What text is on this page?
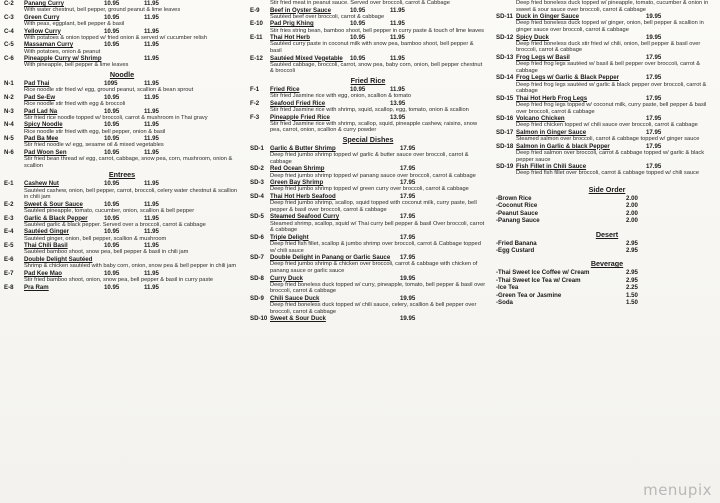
C-2	Panang Curry	10.95	11.95
With water chestnut, bell pepper, ground peanut & lime leaves
C-3	Green Curry	10.95	11.95
With peas, eggplant, bell pepper & basil
C-4	Yellow Curry	10.95	11.95
With potatoes & onion topped w/ fried onion & served w/ cucumber relish
C-5	Massaman Curry	10.95	11.95
With potatoes, onion & peanut
C-6	Pineapple Curry w/ Shrimp	11.95
With pineapple, bell pepper & lime leaves
Noodle
N-1	Pad Thai	1095	11.95
Rice noodle stir fried w/ egg, ground peanut, scallion & bean sprout
N-2	Pad Se-Ew	10.95	11.95
Rice noodle stir fried with egg & broccoli
N-3	Pad Lad Na	10.95	11.95
Stir fried rice noodle topped w/ broccoli, carrot & mushroom in Thai gravy
N-4	Spicy Noodle	10.95	11.95
Rice noodle stir fried with egg, bell pepper, onion & basil
N-5	Pad Ba Mee	10.95	11.95
Stir fried noodle w/ egg, sesame oil & mixed vegetables
N-6	Pad Woon Sen	10.95	11.95
Stir fried bean thread w/ egg, carrot, cabbage, snow pea, corn, mushroom, onion & scallion
Entrees
E-1	Cashew Nut	10.95	11.95
Sautéed cashew, onion, bell pepper, carrot, broccoli, celery water chestnut & scallion in chili jam
E-2	Sweet & Sour Sauce	10.95	11.95
Sautéed pineapple, tomato, cucumber, onion, scallion & bell pepper
E-3	Garlic & Black Pepper	10.95	11.95
Sautéed garlic & black pepper. Served over a broccoli, carrot & cabbage
E-4	Sautéed Ginger	10.95	11.95
Sautéed ginger, onion, bell pepper, scallion & mushroom
E-5	Thai Chili Basil	10.95	11.95
Sautéed bamboo shoot, snow pea, bell pepper & basil in chili jam
E-6	Double Delight Sautéed
Shrimp & chicken sautéed with baby corn, onion, snow pea & bell pepper in chili jam
E-7	Pad Kee Mao	10.95	11.95
Stir fried bamboo shoot, onion, snow pea, bell pepper & basil in curry paste
E-8	Pra Ram	10.95	11.95
Stir fried meat in peanut sauce. Served over broccoli, carrot & Cabbage
E-9	Beef in Oyster Sauce	10.95	11.95
Sautéed beef over broccoli, carrot & cabbage
E-10	Pad Prig Khing	10.95	11.95
Stir fries string bean, bamboo shoot, bell pepper in curry paste & touch of lime leaves
E-11	Thai Hot Herb	10.95	11.95
Sautéed curry paste in coconut milk with snow pea, bamboo shoot, bell pepper & basil
E-12	Sautéed Mixed Vegetable	10.95	11.95
Sautéed cabbage, broccoli, carrot, snow pea, baby corn, onion, bell pepper chestnut & broccoli
Fried Rice
F-1	Fried Rice	10.95	11.95
Stir fried Jasmine rice with egg, onion, scallion & tomato
F-2	Seafood Fried Rice	13.95
Stir fried Jasmine rice with shrimp, squid, scallop, egg, tomato, onion & scallion
F-3	Pineapple Fried Rice	13.95
Stir fried Jasmine rice with shrimp, scallop, squid, pineapple cashew, raisins, snow pea, carrot, onion, scallion & curry powder
Special Dishes
SD-1	Garlic & Butter Shrimp	17.95
Deep fried jumbo shrimp topped w/ garlic & butter sauce over broccoli, carrot & cabbage
SD-2	Red Ocean Shrimp	17.95
Deep fried jumbo shrimp topped w/ panang sauce over broccoli, carrot & cabbage
SD-3	Green Bay Shrimp	17.95
Deep fried jumbo shrimp topped w/ green curry over broccoli, carrot & cabbage
SD-4	Thai Hot Herb Seafood	17.95
Deep fried jumbo shrimp, scallop, squid topped with coconut milk, curry paste, bell pepper & basil over broccoli, carrot & cabbage
SD-5	Steamed Seafood Curry	17.95
Steamed shrimp, scallop, squid w/ Thai curry bell pepper & basil Over broccoli, carrot & cabbage
SD-6	Triple Delight	17.95
Deep fried fish fillet, scallop & jumbo shrimp over broccoli, carrot & Cabbage topped w/ chili sauce
SD-7	Double Delight in Panang or Garlic Sauce	17.95
Deep fried jumbo shrimp & chicken over broccoli, carrot & cabbage with chicken of panang sauce or garlic sauce
SD-8	Curry Duck	19.95
Deep fried boneless duck topped w/ curry, pineapple, tomato, bell pepper & basil over broccoli, carrot & cabbage
SD-9	Chili Sauce Duck	19.95
Deep fried boneless duck topped w/ chili sauce, celery, scallion & bell pepper over broccoli, carrot & cabbage
SD-10 Sweet & Sour Duck	19.95
Deep fried boneless duck topped w/ pineapple, tomato, cucumber & onion in sweet & sour sauce over broccoli, carrot & cabbage
SD-11 Duck in Ginger Sauce	19.95
Deep fried boneless duck topped w/ ginger, onion, bell pepper & scallion in ginger sauce over broccoli, carrot & cabbage
SD-12 Spicy Duck	19.95
Deep fried boneless duck stir fried w/ chili, onion, bell pepper & basil over broccoli, carrot & cabbage
SD-13 Frog Legs w/ Basil	17.95
Deep fried frog legs sautéed w/ basil & bell pepper over broccoli, carrot & cabbage
SD-14 Frog Legs w/ Garlic & Black Pepper	17.95
Deep fried frog legs sautéed w/ garlic & black pepper over broccoli, carrot & cabbage
SD-15 Thai Hot Herb Frog Legs	17.95
Deep fried frog legs topped w/ coconut milk, curry paste, bell pepper & basil over broccoli, carrot & cabbage
SD-16 Volcano Chicken	17.95
Deep fried chicken topped w/ chili sauce over broccoli, carrot & cabbage
SD-17 Salmon in Ginger Sauce	17.95
Steamed salmon over broccoli, carrot & cabbage topped w/ ginger sauce
SD-18 Salmon in Garlic & black Pepper	17.95
Deep fried salmon over broccoli, carrot & cabbage topped w/ garlic & black pepper sauce
SD-19 Fish Fillet in Chili Sauce	17.95
Deep fried fish fillet over broccoli, carrot & cabbage topped w/ chili sauce
Side Order
-Brown Rice	2.00
-Coconut Rice	2.00
-Peanut Sauce	2.00
-Panang Sauce	2.00
Desert
-Fried Banana	2.95
-Egg Custard	2.95
Beverage
-Thai Sweet Ice Coffee w/ Cream	2.95
-Thai Sweet Ice Tea w/ Cream	2.95
-Ice Tea	2.25
-Green Tea or Jasmine	1.50
-Soda	1.50
menupix
